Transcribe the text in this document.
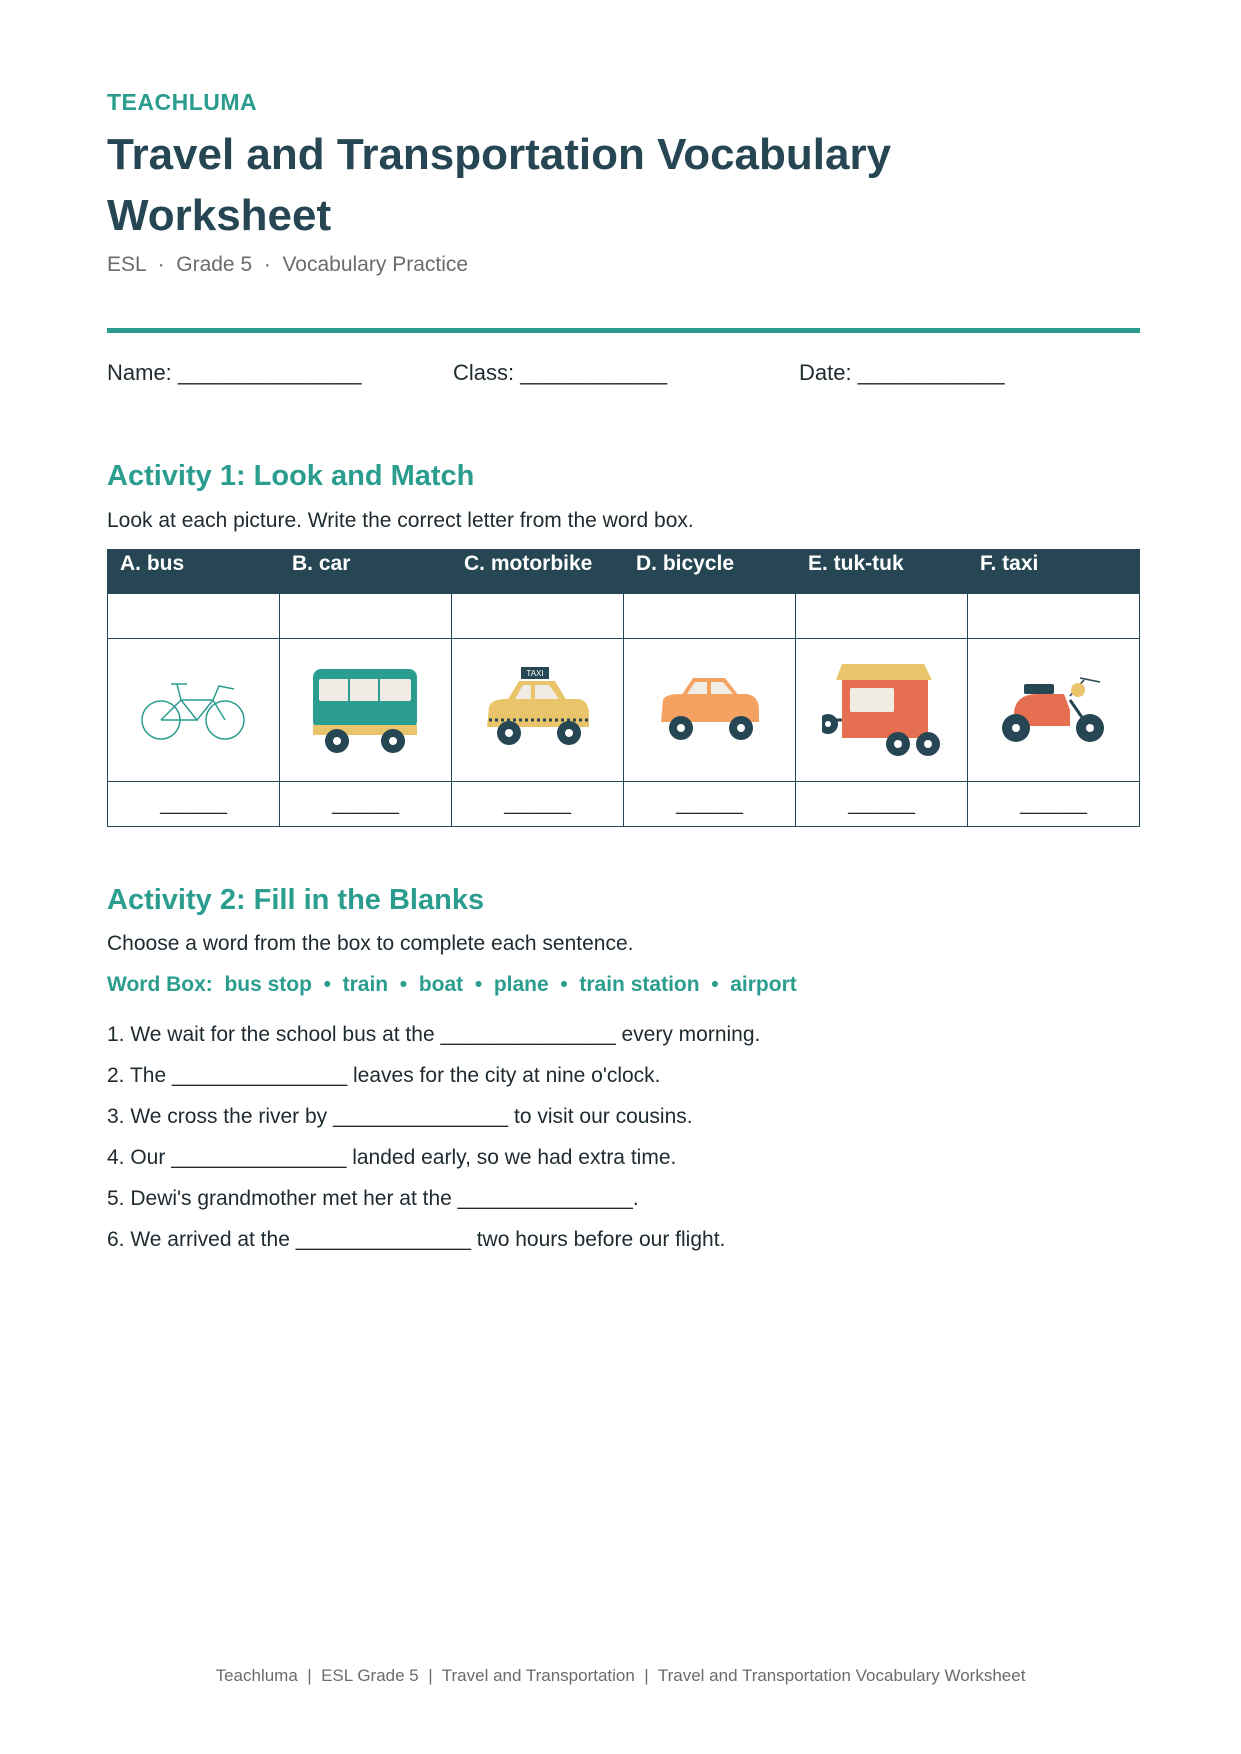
TEACHLUMA
Travel and Transportation Vocabulary Worksheet
ESL  ·  Grade 5  ·  Vocabulary Practice
Name: _______________	Class: ____________	Date: ____________
Activity 1: Look and Match
Look at each picture. Write the correct letter from the word box.
A. bus	B. car	C. motorbike	D. bicycle	E. tuk-tuk	F. taxi

TAXI

______	______	______	______	______	______
Activity 2: Fill in the Blanks
Choose a word from the box to complete each sentence.
Word Box:  bus stop  •  train  •  boat  •  plane  •  train station  •  airport
1. We wait for the school bus at the _______________ every morning.
2. The _______________ leaves for the city at nine o'clock.
3. We cross the river by _______________ to visit our cousins.
4. Our _______________ landed early, so we had extra time.
5. Dewi's grandmother met her at the _______________.
6. We arrived at the _______________ two hours before our flight.
Teachluma  |  ESL Grade 5  |  Travel and Transportation  |  Travel and Transportation Vocabulary Worksheet
